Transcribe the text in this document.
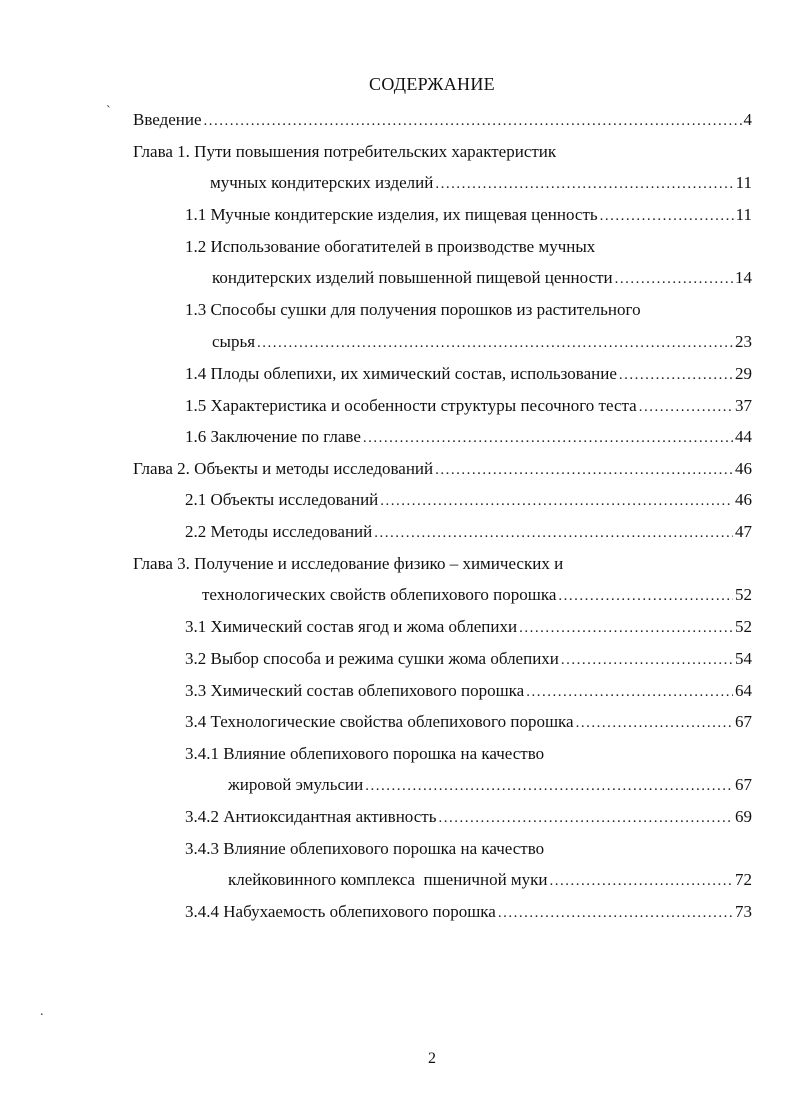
`
.
СОДЕРЖАНИЕ
Введение .....	4
Глава 1. Пути повышения потребительских характеристик
мучных кондитерских изделий .....	11
1.1 Мучные кондитерские изделия, их пищевая ценность .....	11
1.2 Использование обогатителей в производстве мучных
кондитерских изделий повышенной пищевой ценности .....	14
1.3 Способы сушки для получения порошков из растительного
сырья .....	23
1.4 Плоды облепихи, их химический состав, использование .....	29
1.5 Характеристика и особенности структуры песочного теста .....	37
1.6 Заключение по главе .....	44
Глава 2. Объекты и методы исследований .....	46
2.1 Объекты исследований .....	46
2.2 Методы исследований .....	47
Глава 3. Получение и исследование физико – химических и
технологических свойств облепихового порошка .....	52
3.1 Химический состав ягод и жома облепихи .....	52
3.2 Выбор способа и режима сушки жома облепихи .....	54
3.3 Химический состав облепихового порошка .....	64
3.4 Технологические свойства облепихового порошка .....	67
3.4.1 Влияние облепихового порошка на качество
жировой эмульсии .....	67
3.4.2 Антиоксидантная активность .....	69
3.4.3 Влияние облепихового порошка на качество
клейковинного комплекса  пшеничной муки .....	72
3.4.4 Набухаемость облепихового порошка .....	73
2
